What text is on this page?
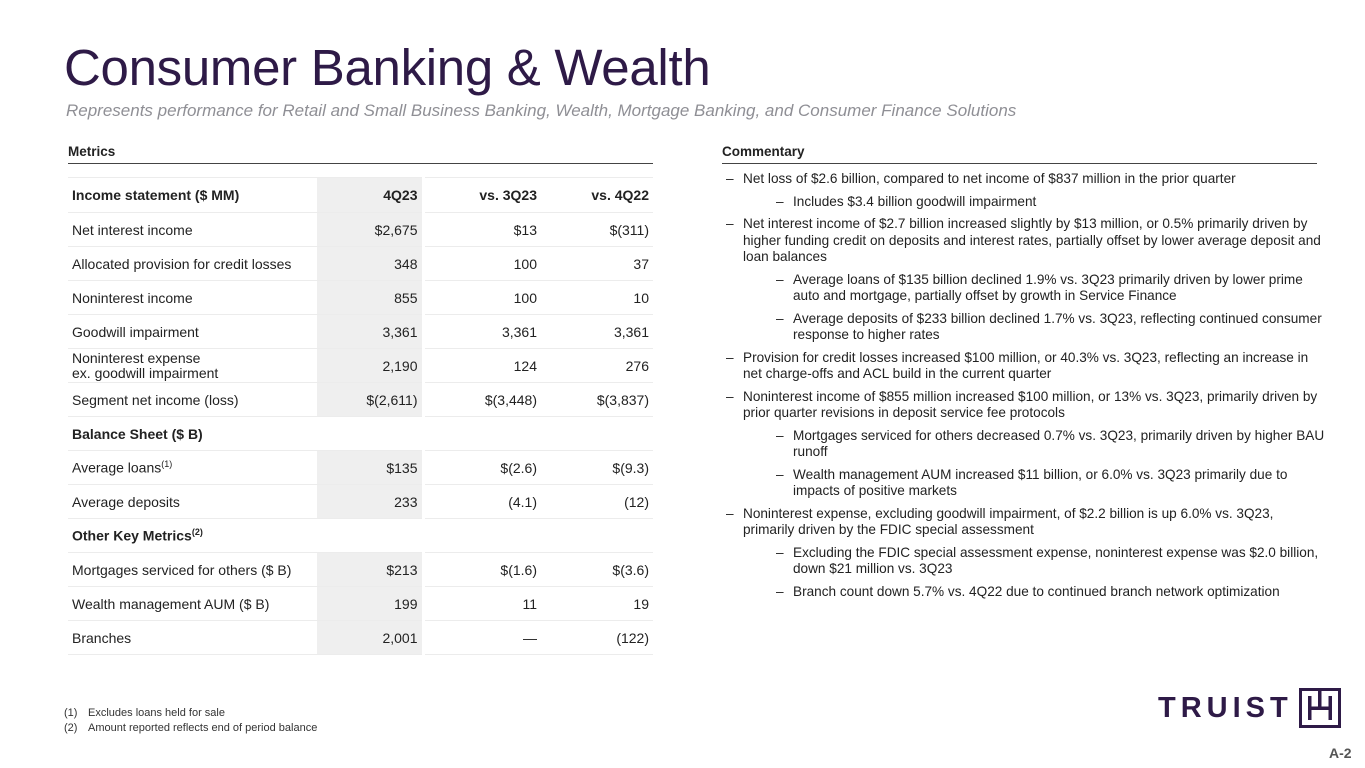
Consumer Banking & Wealth
Represents performance for Retail and Small Business Banking, Wealth, Mortgage Banking, and Consumer Finance Solutions
Metrics	Commentary
Income statement ($ MM)	4Q23	vs. 3Q23	vs. 4Q22
Net interest income	$2,675	$13	$(311)
Allocated provision for credit losses	348	100	37
Noninterest income	855	100	10
Goodwill impairment	3,361	3,361	3,361

Noninterest expense
ex. goodwill impairment	2,190	124	276
Segment net income (loss)	$(2,611)	$(3,448)	$(3,837)
Balance Sheet ($ B)			
Average loans$^{(1)}$	$135	$(2.6)	$(9.3)
Average deposits	233	(4.1)	(12)
Other Key Metrics$^{(2)}$
Mortgages serviced for others ($ B)	$213	$(1.6)	$(3.6)
Wealth management AUM ($ B)	199	11	19
Branches	2,001	—	(122)
– Net loss of $2.6 billion, compared to net income of $837 million in the prior quarter
– Includes $3.4 billion goodwill impairment
– Net interest income of $2.7 billion increased slightly by $13 million, or 0.5% primarily driven by higher funding credit on deposits and interest rates, partially offset by lower average deposit and loan balances
– Average loans of $135 billion declined 1.9% vs. 3Q23 primarily driven by lower prime auto and mortgage, partially offset by growth in Service Finance
– Average deposits of $233 billion declined 1.7% vs. 3Q23, reflecting continued consumer response to higher rates
– Provision for credit losses increased $100 million, or 40.3% vs. 3Q23, reflecting an increase in net charge-offs and ACL build in the current quarter
– Noninterest income of $855 million increased $100 million, or 13% vs. 3Q23, primarily driven by prior quarter revisions in deposit service fee protocols
– Mortgages serviced for others decreased 0.7% vs. 3Q23, primarily driven by higher BAU runoff
– Wealth management AUM increased $11 billion, or 6.0% vs. 3Q23 primarily due to impacts of positive markets
– Noninterest expense, excluding goodwill impairment, of $2.2 billion is up 6.0% vs. 3Q23, primarily driven by the FDIC special assessment
– Excluding the FDIC special assessment expense, noninterest expense was $2.0 billion, down $21 million vs. 3Q23
– Branch count down 5.7% vs. 4Q22 due to continued branch network optimization
(1) Excludes loans held for sale
(2) Amount reported reflects end of period balance
TRUIST
A-2
